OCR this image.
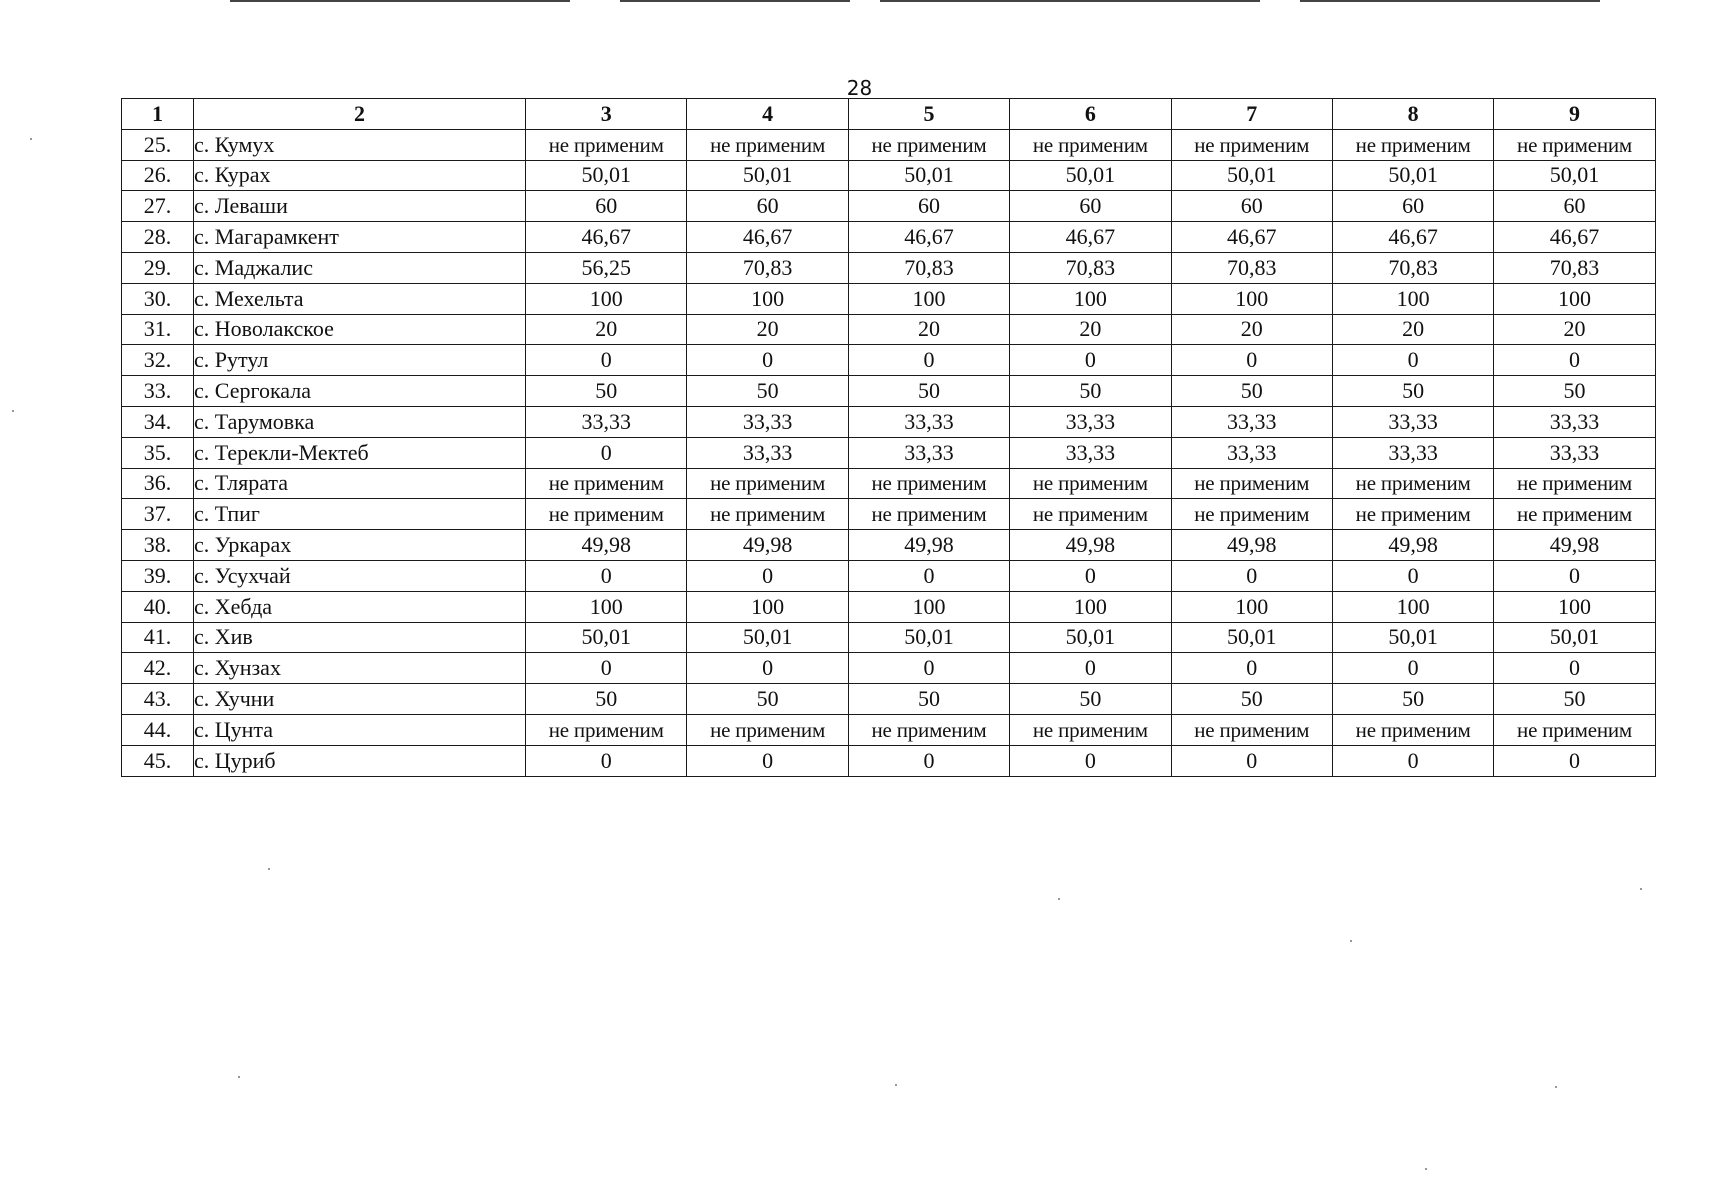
28
1	2	3	4	5	6	7	8	9
25.	с. Кумух	не применим	не применим	не применим	не применим	не применим	не применим	не применим
26.	с. Курах	50,01	50,01	50,01	50,01	50,01	50,01	50,01
27.	с. Леваши	60	60	60	60	60	60	60
28.	с. Магарамкент	46,67	46,67	46,67	46,67	46,67	46,67	46,67
29.	с. Маджалис	56,25	70,83	70,83	70,83	70,83	70,83	70,83
30.	с. Мехельта	100	100	100	100	100	100	100
31.	с. Новолакское	20	20	20	20	20	20	20
32.	с. Рутул	0	0	0	0	0	0	0
33.	с. Сергокала	50	50	50	50	50	50	50
34.	с. Тарумовка	33,33	33,33	33,33	33,33	33,33	33,33	33,33
35.	с. Терекли-Мектеб	0	33,33	33,33	33,33	33,33	33,33	33,33
36.	с. Тлярата	не применим	не применим	не применим	не применим	не применим	не применим	не применим
37.	с. Тпиг	не применим	не применим	не применим	не применим	не применим	не применим	не применим
38.	с. Уркарах	49,98	49,98	49,98	49,98	49,98	49,98	49,98
39.	с. Усухчай	0	0	0	0	0	0	0
40.	с. Хебда	100	100	100	100	100	100	100
41.	с. Хив	50,01	50,01	50,01	50,01	50,01	50,01	50,01
42.	с. Хунзах	0	0	0	0	0	0	0
43.	с. Хучни	50	50	50	50	50	50	50
44.	с. Цунта	не применим	не применим	не применим	не применим	не применим	не применим	не применим
45.	с. Цуриб	0	0	0	0	0	0	0
